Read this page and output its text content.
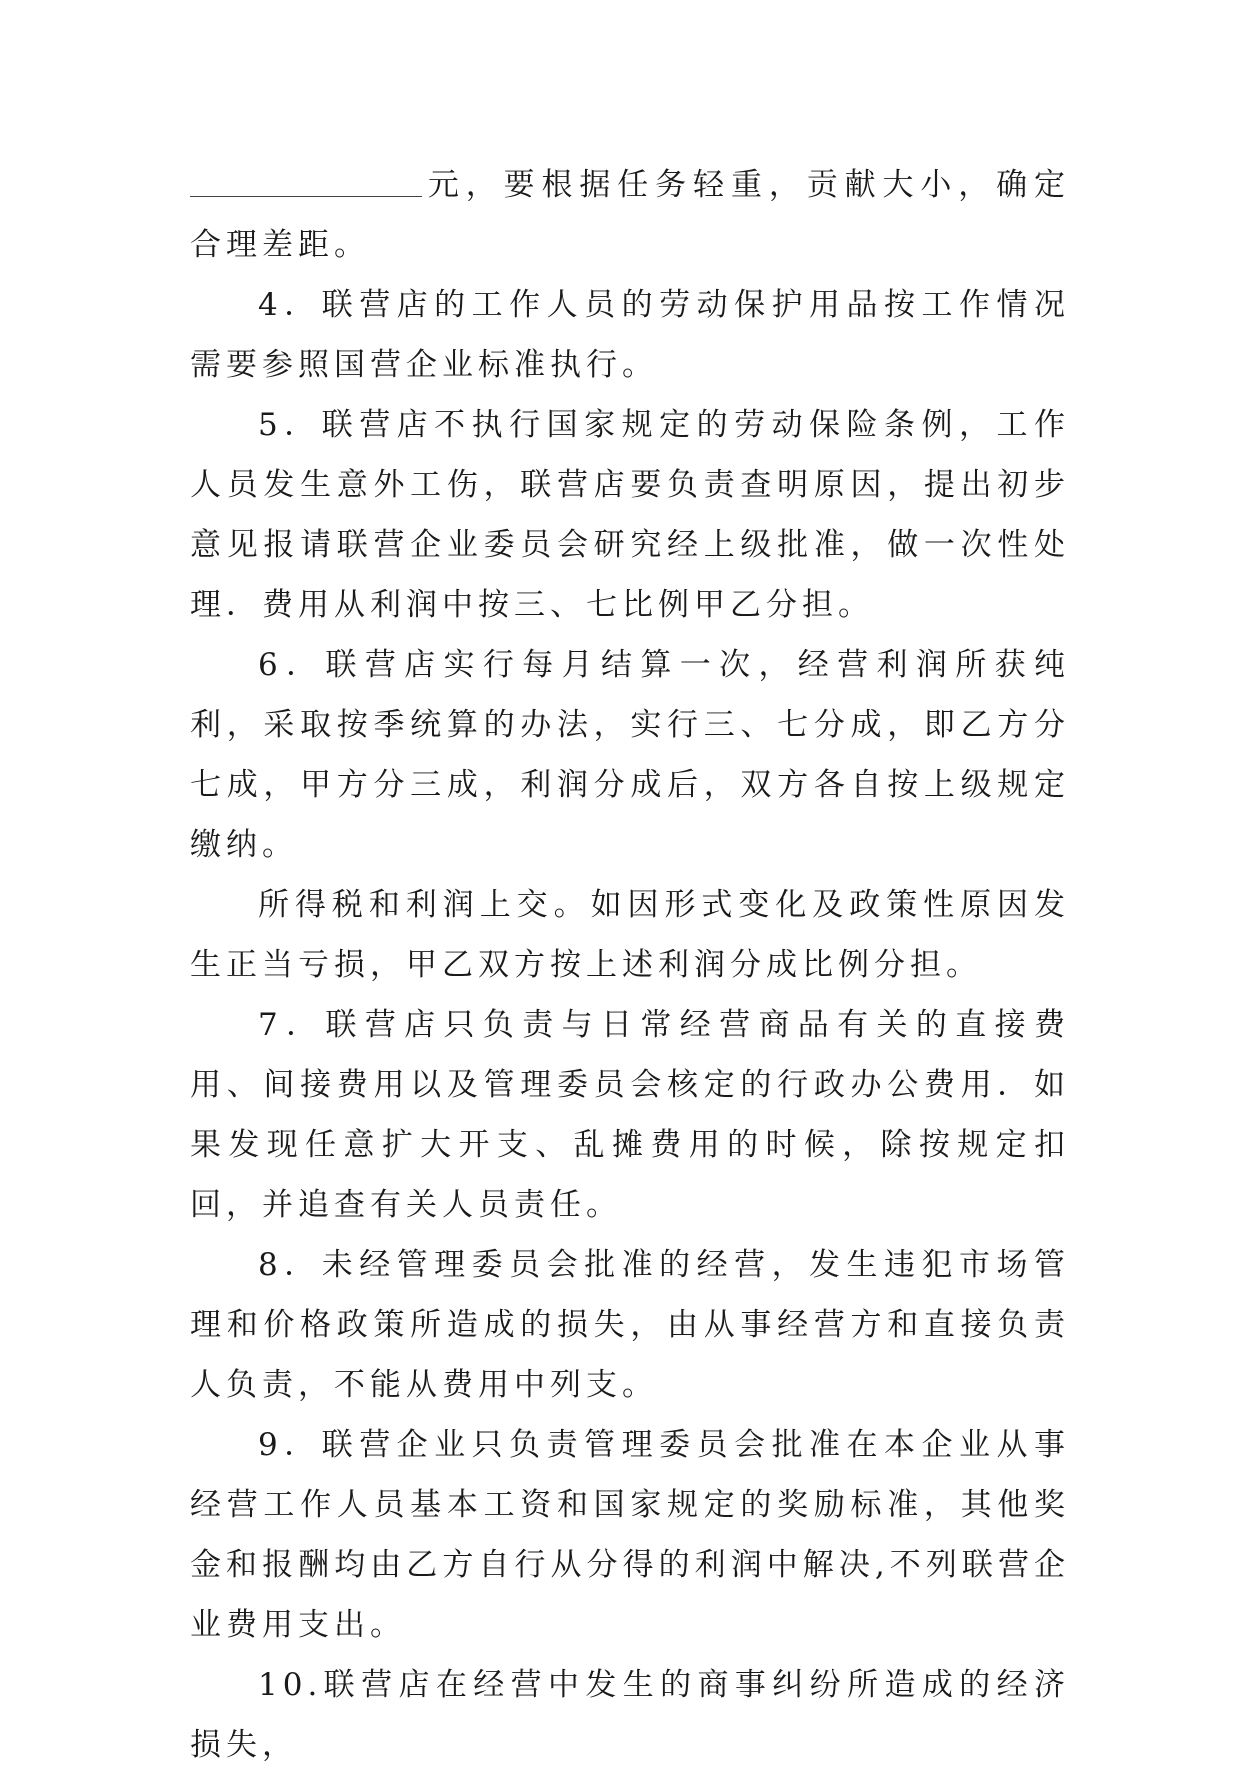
元，要根据任务轻重，贡献大小，确定合理差距。

4．联营店的工作人员的劳动保护用品按工作情况需要参照国营企业标准执行。

5．联营店不执行国家规定的劳动保险条例，工作人员发生意外工伤，联营店要负责查明原因，提出初步意见报请联营企业委员会研究经上级批准，做一次性处理．费用从利润中按三、七比例甲乙分担。

6．联营店实行每月结算一次，经营利润所获纯利，采取按季统算的办法，实行三、七分成，即乙方分七成，甲方分三成，利润分成后，双方各自按上级规定缴纳。

所得税和利润上交。如因形式变化及政策性原因发生正当亏损，甲乙双方按上述利润分成比例分担。

7．联营店只负责与日常经营商品有关的直接费用、间接费用以及管理委员会核定的行政办公费用．如果发现任意扩大开支、乱摊费用的时候，除按规定扣回，并追查有关人员责任。

8．未经管理委员会批准的经营，发生违犯市场管理和价格政策所造成的损失，由从事经营方和直接负责人负责，不能从费用中列支。

9．联营企业只负责管理委员会批准在本企业从事经营工作人员基本工资和国家规定的奖励标准，其他奖金和报酬均由乙方自行从分得的利润中解决,不列联营企业费用支出。

10.联营店在经营中发生的商事纠纷所造成的经济损失，
